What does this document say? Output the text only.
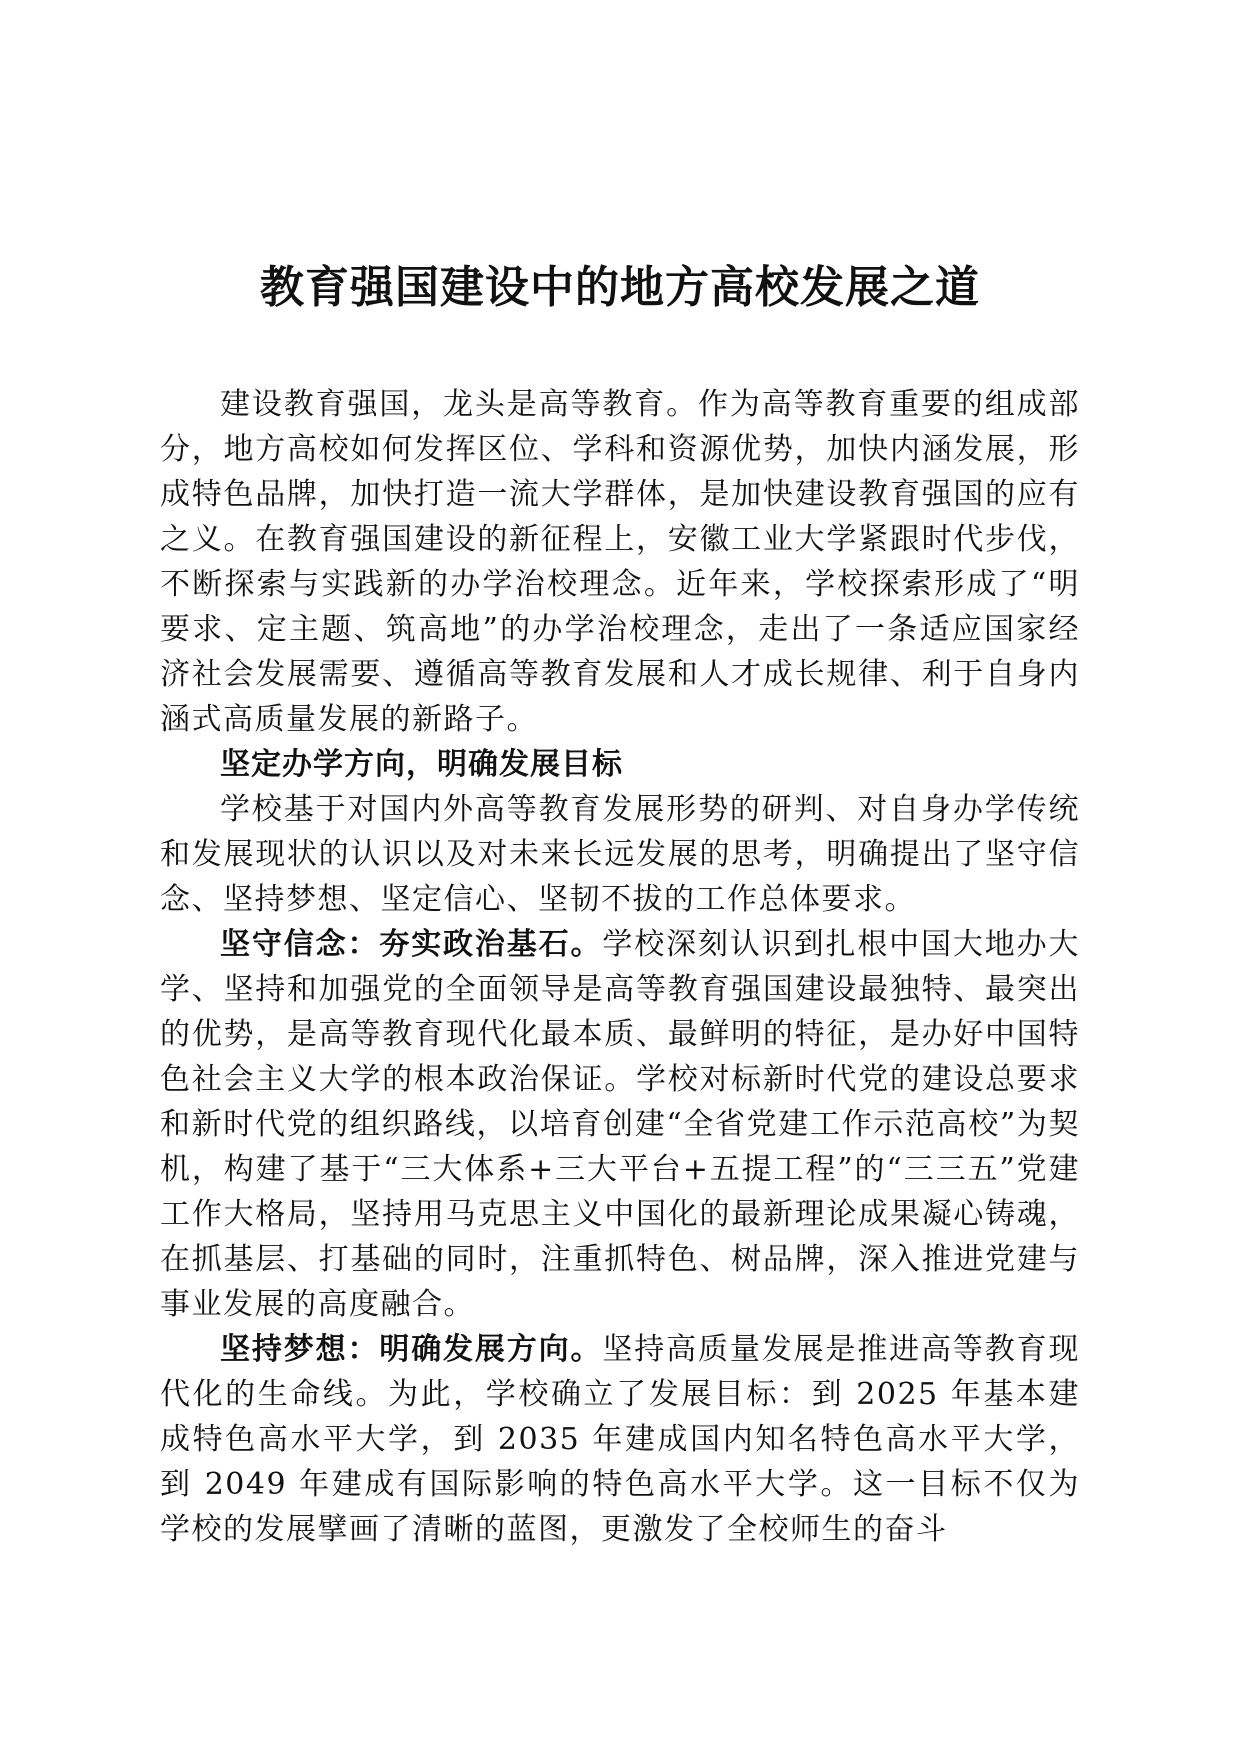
教育强国建设中的地方高校发展之道

建设教育强国，龙头是高等教育。作为高等教育重要的组成部分，地方高校如何发挥区位、学科和资源优势，加快内涵发展，形成特色品牌，加快打造一流大学群体，是加快建设教育强国的应有之义。在教育强国建设的新征程上，安徽工业大学紧跟时代步伐，不断探索与实践新的办学治校理念。近年来，学校探索形成了“明要求、定主题、筑高地”的办学治校理念，走出了一条适应国家经济社会发展需要、遵循高等教育发展和人才成长规律、利于自身内涵式高质量发展的新路子。

坚定办学方向，明确发展目标

学校基于对国内外高等教育发展形势的研判、对自身办学传统和发展现状的认识以及对未来长远发展的思考，明确提出了坚守信念、坚持梦想、坚定信心、坚韧不拔的工作总体要求。

坚守信念：夯实政治基石。学校深刻认识到扎根中国大地办大学、坚持和加强党的全面领导是高等教育强国建设最独特、最突出的优势，是高等教育现代化最本质、最鲜明的特征，是办好中国特色社会主义大学的根本政治保证。学校对标新时代党的建设总要求和新时代党的组织路线，以培育创建“全省党建工作示范高校”为契机，构建了基于“三大体系+三大平台+五提工程”的“三三五”党建工作大格局，坚持用马克思主义中国化的最新理论成果凝心铸魂，在抓基层、打基础的同时，注重抓特色、树品牌，深入推进党建与事业发展的高度融合。

坚持梦想：明确发展方向。坚持高质量发展是推进高等教育现代化的生命线。为此，学校确立了发展目标：到 2025 年基本建成特色高水平大学，到 2035 年建成国内知名特色高水平大学，到 2049 年建成有国际影响的特色高水平大学。这一目标不仅为学校的发展擘画了清晰的蓝图，更激发了全校师生的奋斗
